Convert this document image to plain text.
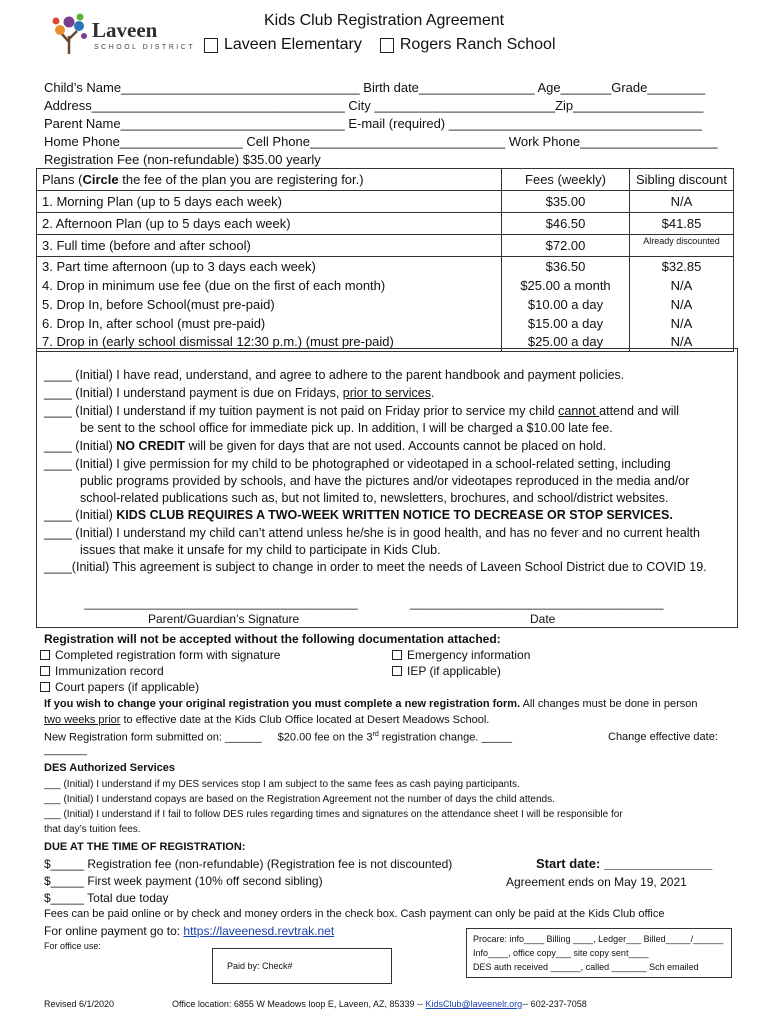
Laveen
SCHOOL DISTRICT
Kids Club Registration Agreement
Laveen Elementary Rogers Ranch School
Child’s Name_________________________________ Birth date________________ Age_______Grade________
Address___________________________________ City _________________________Zip__________________
Parent Name_______________________________ E-mail (required) ___________________________________
Home Phone_________________ Cell Phone___________________________ Work Phone___________________
Registration Fee (non-refundable) $35.00 yearly
Plans (Circle the fee of the plan you are registering for.)	Fees (weekly)	Sibling discount
1. Morning Plan (up to 5 days each week)	$35.00	N/A
2. Afternoon Plan (up to 5 days each week)	$46.50	$41.85
3. Full time (before and after school)	$72.00	Already discounted
3. Part time afternoon (up to 3 days each week)	$36.50	$32.85
4. Drop in minimum use fee (due on the first of each month)	$25.00 a month	N/A
5. Drop In, before School(must pre-paid)	$10.00 a day	N/A
6. Drop In, after school (must pre-paid)	$15.00 a day	N/A
7. Drop in (early school dismissal 12:30 p.m.) (must pre-paid)	$25.00 a day	N/A
____ (Initial) I have read, understand, and agree to adhere to the parent handbook and payment policies.
____ (Initial) I understand payment is due on Fridays, prior to services.
____ (Initial) I understand if my tuition payment is not paid on Friday prior to service my child cannot attend and will
be sent to the school office for immediate pick up. In addition, I will be charged a $10.00 late fee.
____ (Initial) NO CREDIT will be given for days that are not used. Accounts cannot be placed on hold.
____ (Initial) I give permission for my child to be photographed or videotaped in a school-related setting, including
public programs provided by schools, and have the pictures and/or videotapes reproduced in the media and/or
school-related publications such as, but not limited to, newsletters, brochures, and school/district websites.
____ (Initial) KIDS CLUB REQUIRES A TWO-WEEK WRITTEN NOTICE TO DECREASE OR STOP SERVICES.
____ (Initial) I understand my child can’t attend unless he/she is in good health, and has no fever and no current health
issues that make it unsafe for my child to participate in Kids Club.
____(Initial) This agreement is subject to change in order to meet the needs of Laveen School District due to COVID 19.
_________________________________________	______________________________________
Parent/Guardian’s Signature	Date
Registration will not be accepted without the following documentation attached:
Completed registration form with signature
Immunization record
Court papers (if applicable)
Emergency information
IEP (if applicable)
If you wish to change your original registration you must complete a new registration form. All changes must be done in person
two weeks prior to effective date at the Kids Club Office located at Desert Meadows School.
New Registration form submitted on: ______ $20.00 fee on the 3rd registration change. _____	Change effective date:
_______
DES Authorized Services
___ (Initial) I understand if my DES services stop I am subject to the same fees as cash paying participants.
___ (Initial) I understand copays are based on the Registration Agreement not the number of days the child attends.
___ (Initial) I understand if I fail to follow DES rules regarding times and signatures on the attendance sheet I will be responsible for
that day’s tuition fees.
DUE AT THE TIME OF REGISTRATION:
$_____ Registration fee (non-refundable) (Registration fee is not discounted)
$_____ First week payment (10% off second sibling)
$_____ Total due today
Start date: _______________
Agreement ends on May 19, 2021
Fees can be paid online or by check and money orders in the check box. Cash payment can only be paid at the Kids Club office
For online payment go to: https://laveenesd.revtrak.net
For office use:
Paid by: Check#
Procare: info____ Billing ____, Ledger___ Billed_____/______
Info____, office copy___ site copy sent____
DES auth received ______, called _______ Sch emailed
Revised 6/1/2020	Office location: 6855 W Meadows loop E, Laveen, AZ, 85339 -- KidsClub@laveenelr.org-- 602-237-7058
